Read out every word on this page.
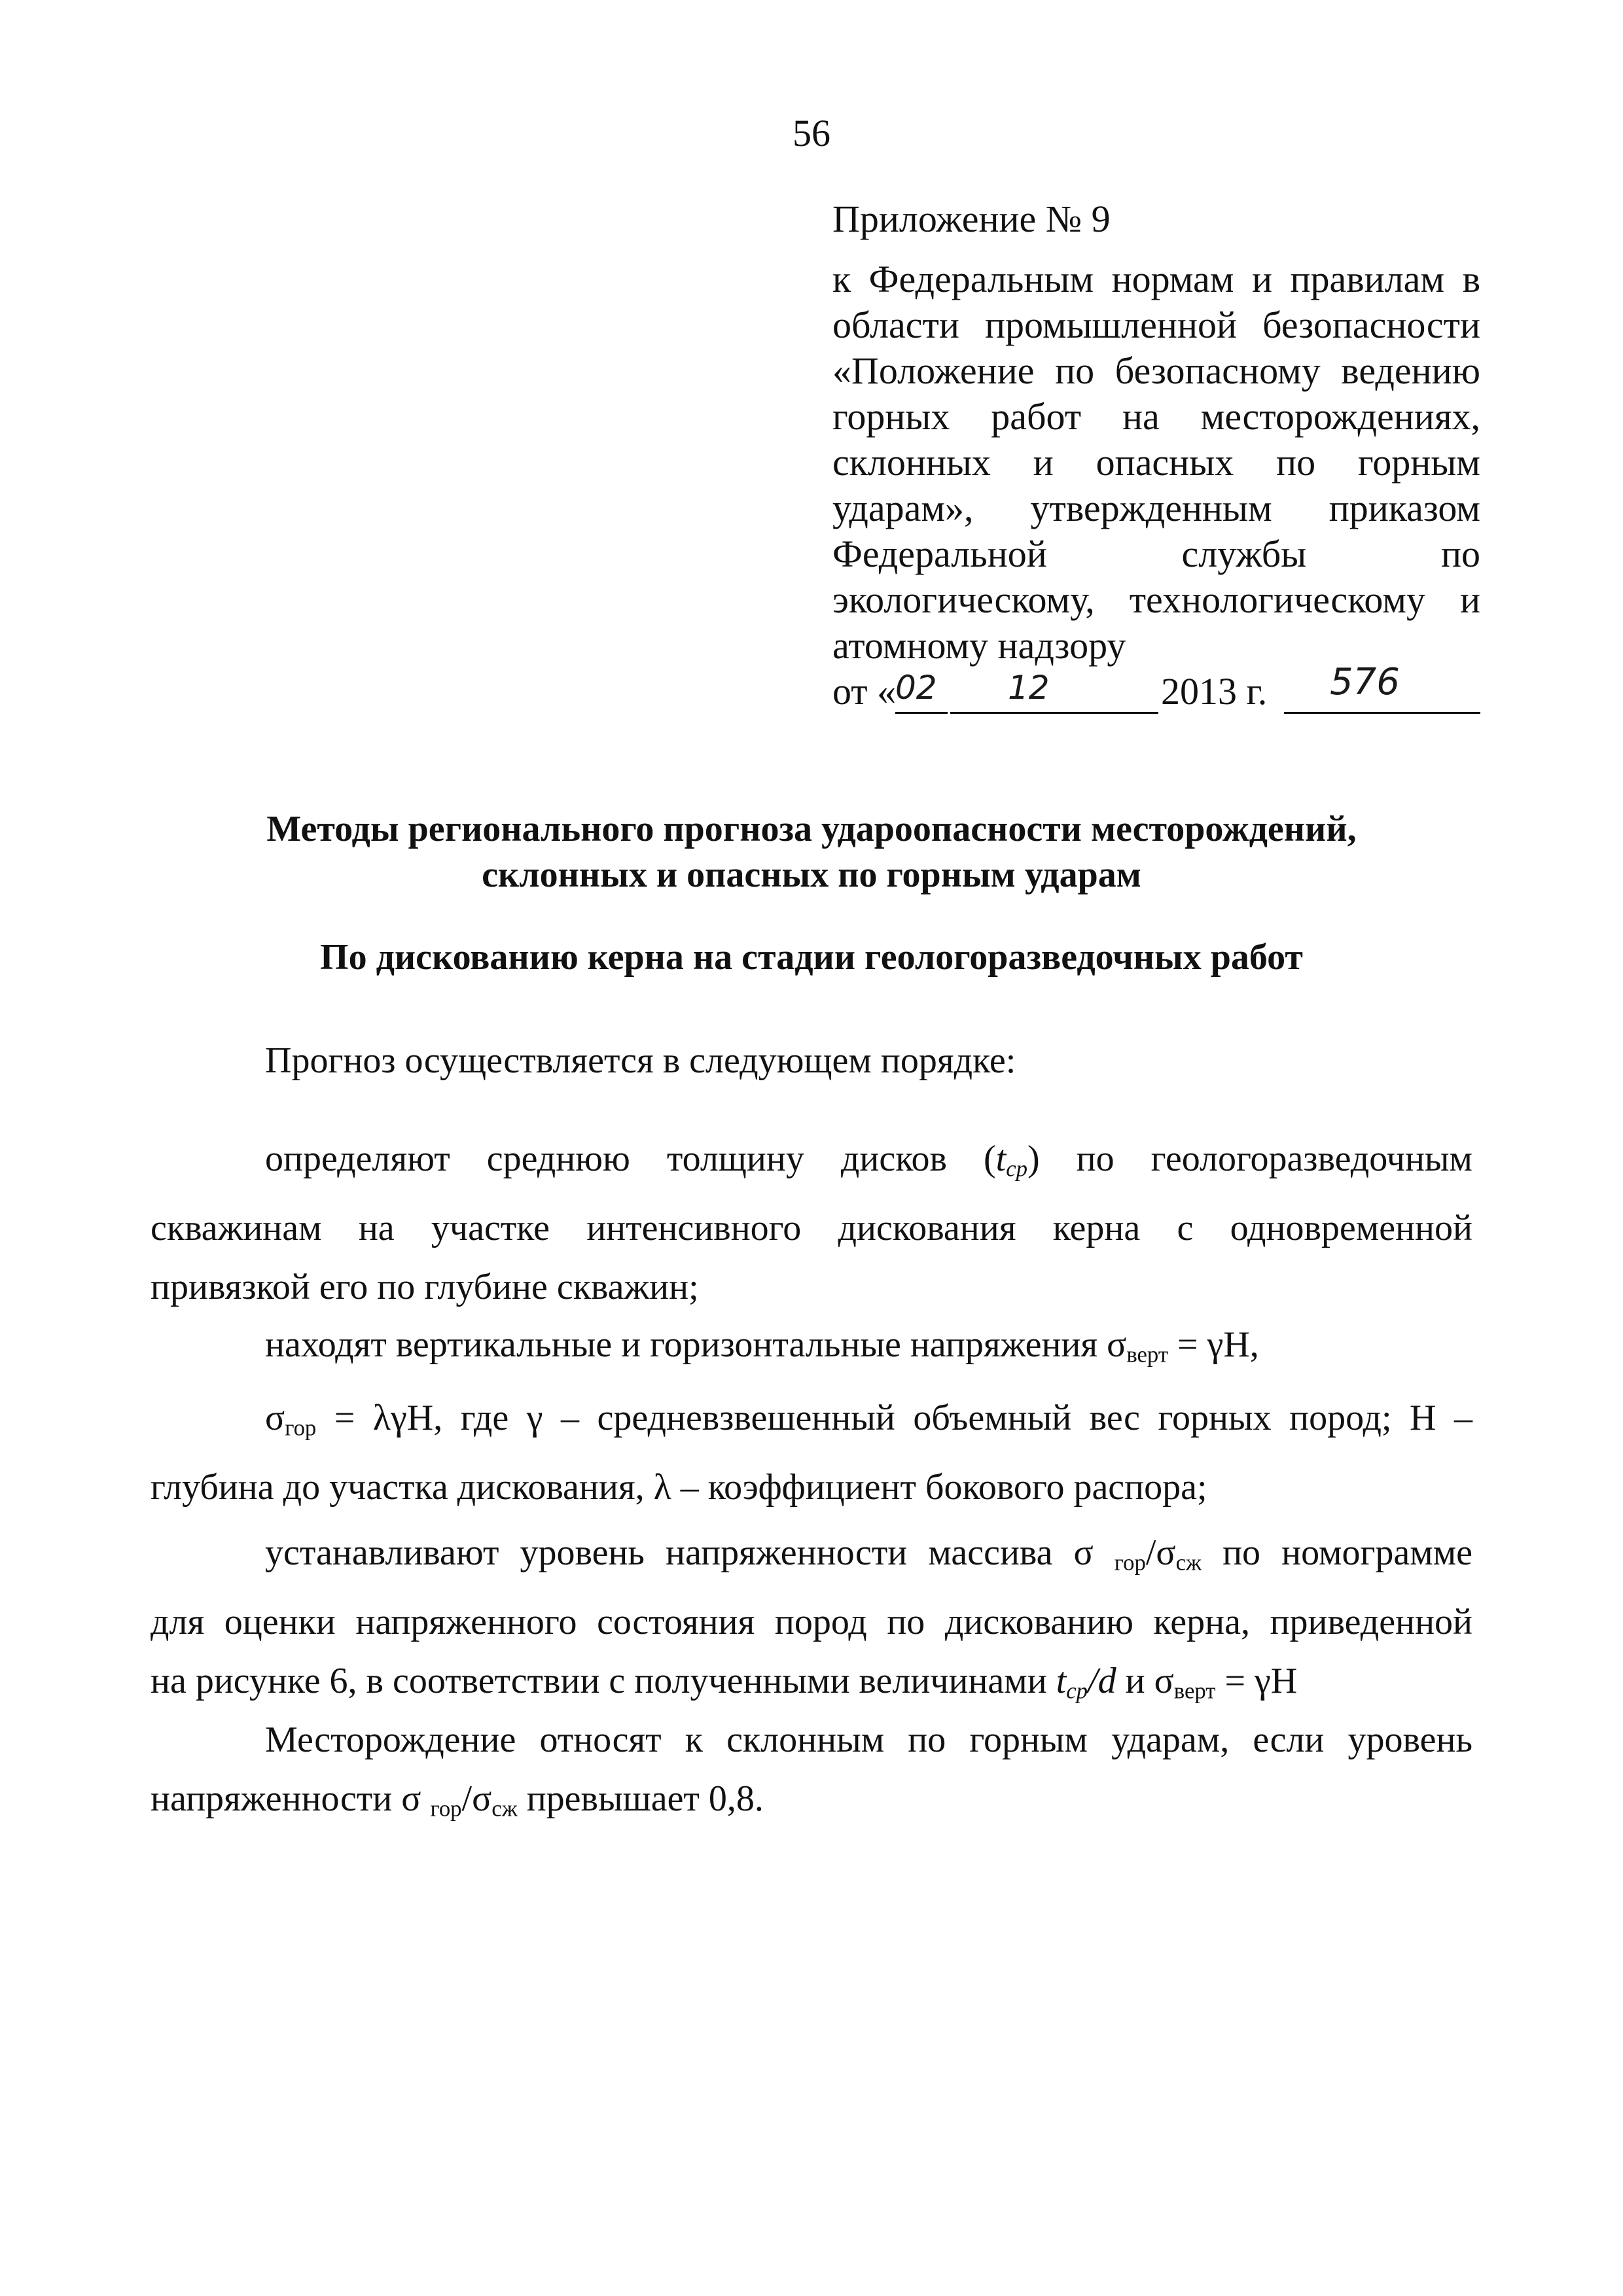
56
Приложение № 9
к Федеральным нормам и правилам в
области промышленной безопасности
«Положение по безопасному ведению
горных работ на месторождениях,
склонных и опасных по горным
ударам», утвержденным приказом
Федеральной службы по
экологическому, технологическому и
атомному надзору
от «
02 12	2013 г. 576
Методы регионального прогноза удароопасности месторождений,
склонных и опасных по горным ударам
По дискованию керна на стадии геологоразведочных работ
Прогноз осуществляется в следующем порядке:
определяют среднюю толщину дисков $(t_{ср})$ по геологоразведочным
скважинам на участке интенсивного дискования керна с одновременной
привязкой его по глубине скважин;
находят вертикальные и горизонтальные напряжения $\sigma_{верт} = \gamma H$,
$\sigma_{гор} = \lambda\gamma H$, где γ – средневзвешенный объемный вес горных пород; H –
глубина до участка дискования, λ – коэффициент бокового распора;
устанавливают уровень напряженности массива σ $_{гор}/\sigma_{сж}$ по номограмме
для оценки напряженного состояния пород по дискованию керна, приведенной
на рисунке 6, в соответствии с полученными величинами $t_{ср}/d$ и $\sigma_{верт} = \gamma H$
Месторождение относят к склонным по горным ударам, если уровень
напряженности σ $_{гор}/\sigma_{сж}$ превышает 0,8.
